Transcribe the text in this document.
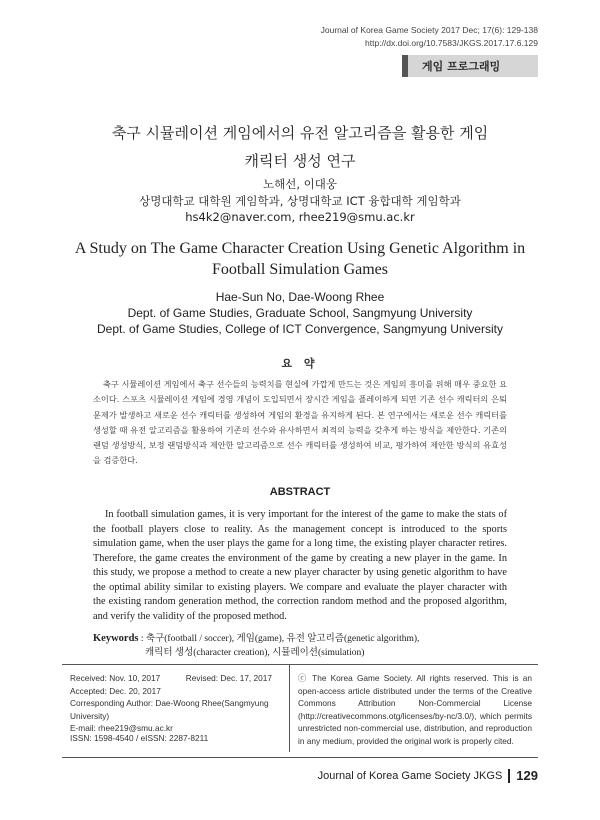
Journal of Korea Game Society 2017 Dec; 17(6): 129-138
http://dx.doi.org/10.7583/JKGS.2017.17.6.129
게임 프로그래밍
축구 시뮬레이션 게임에서의 유전 알고리즘을 활용한 게임
캐릭터 생성 연구
노해선, 이대웅
상명대학교 대학원 게임학과, 상명대학교 ICT 융합대학 게임학과
hs4k2@naver.com, rhee219@smu.ac.kr
A Study on The Game Character Creation Using Genetic Algorithm in
Football Simulation Games
Hae-Sun No, Dae-Woong Rhee
Dept. of Game Studies, Graduate School, Sangmyung University
Dept. of Game Studies, College of ICT Convergence, Sangmyung University
요 약
축구 시뮬레이션 게임에서 축구 선수들의 능력치를 현실에 가깝게 만드는 것은 게임의 흥미를 위해 매우 중요한 요소이다. 스포츠 시뮬레이션 게임에 경영 개념이 도입되면서 장시간 게임을 플레이하게 되면 기존 선수 캐릭터의 은퇴문제가 발생하고 새로운 선수 캐릭터를 생성하여 게임의 환경을 유지하게 된다. 본 연구에서는 새로운 선수 캐릭터를 생성할 때 유전 알고리즘을 활용하여 기존의 선수와 유사하면서 최적의 능력을 갖추게 하는 방식을 제안한다. 기존의 랜덤 생성방식, 보정 랜덤방식과 제안한 알고리즘으로 선수 캐릭터를 생성하여 비교, 평가하여 제안한 방식의 유효성을 검증한다.
ABSTRACT
In football simulation games, it is very important for the interest of the game to make the stats of the football players close to reality. As the management concept is introduced to the sports simulation game, when the user plays the game for a long time, the existing player character retires. Therefore, the game creates the environment of the game by creating a new player in the game. In this study, we propose a method to create a new player character by using genetic algorithm to have the optimal ability similar to existing players. We compare and evaluate the player character with the existing random generation method, the correction random method and the proposed algorithm, and verify the validity of the proposed method.
Keywords : 축구(football / soccer), 게임(game), 유전 알고리즘(genetic algorithm),
캐릭터 생성(character creation), 시뮬레이션(simulation)
Received: Nov. 10, 2017	Revised: Dec. 17, 2017
Accepted: Dec. 20, 2017
Corresponding Author: Dae-Woong Rhee(Sangmyung University)
E-mail: rhee219@smu.ac.kr
ISSN: 1598-4540 / eISSN: 2287-8211
ⓒ The Korea Game Society. All rights reserved. This is an open-access article distributed under the terms of the Creative Commons Attribution Non-Commercial License (http://creativecommons.otg/licenses/by-nc/3.0/), which permits unrestricted non-commercial use, distribution, and reproduction in any medium, provided the original work is properly cited.
Journal of Korea Game Society JKGS 129
